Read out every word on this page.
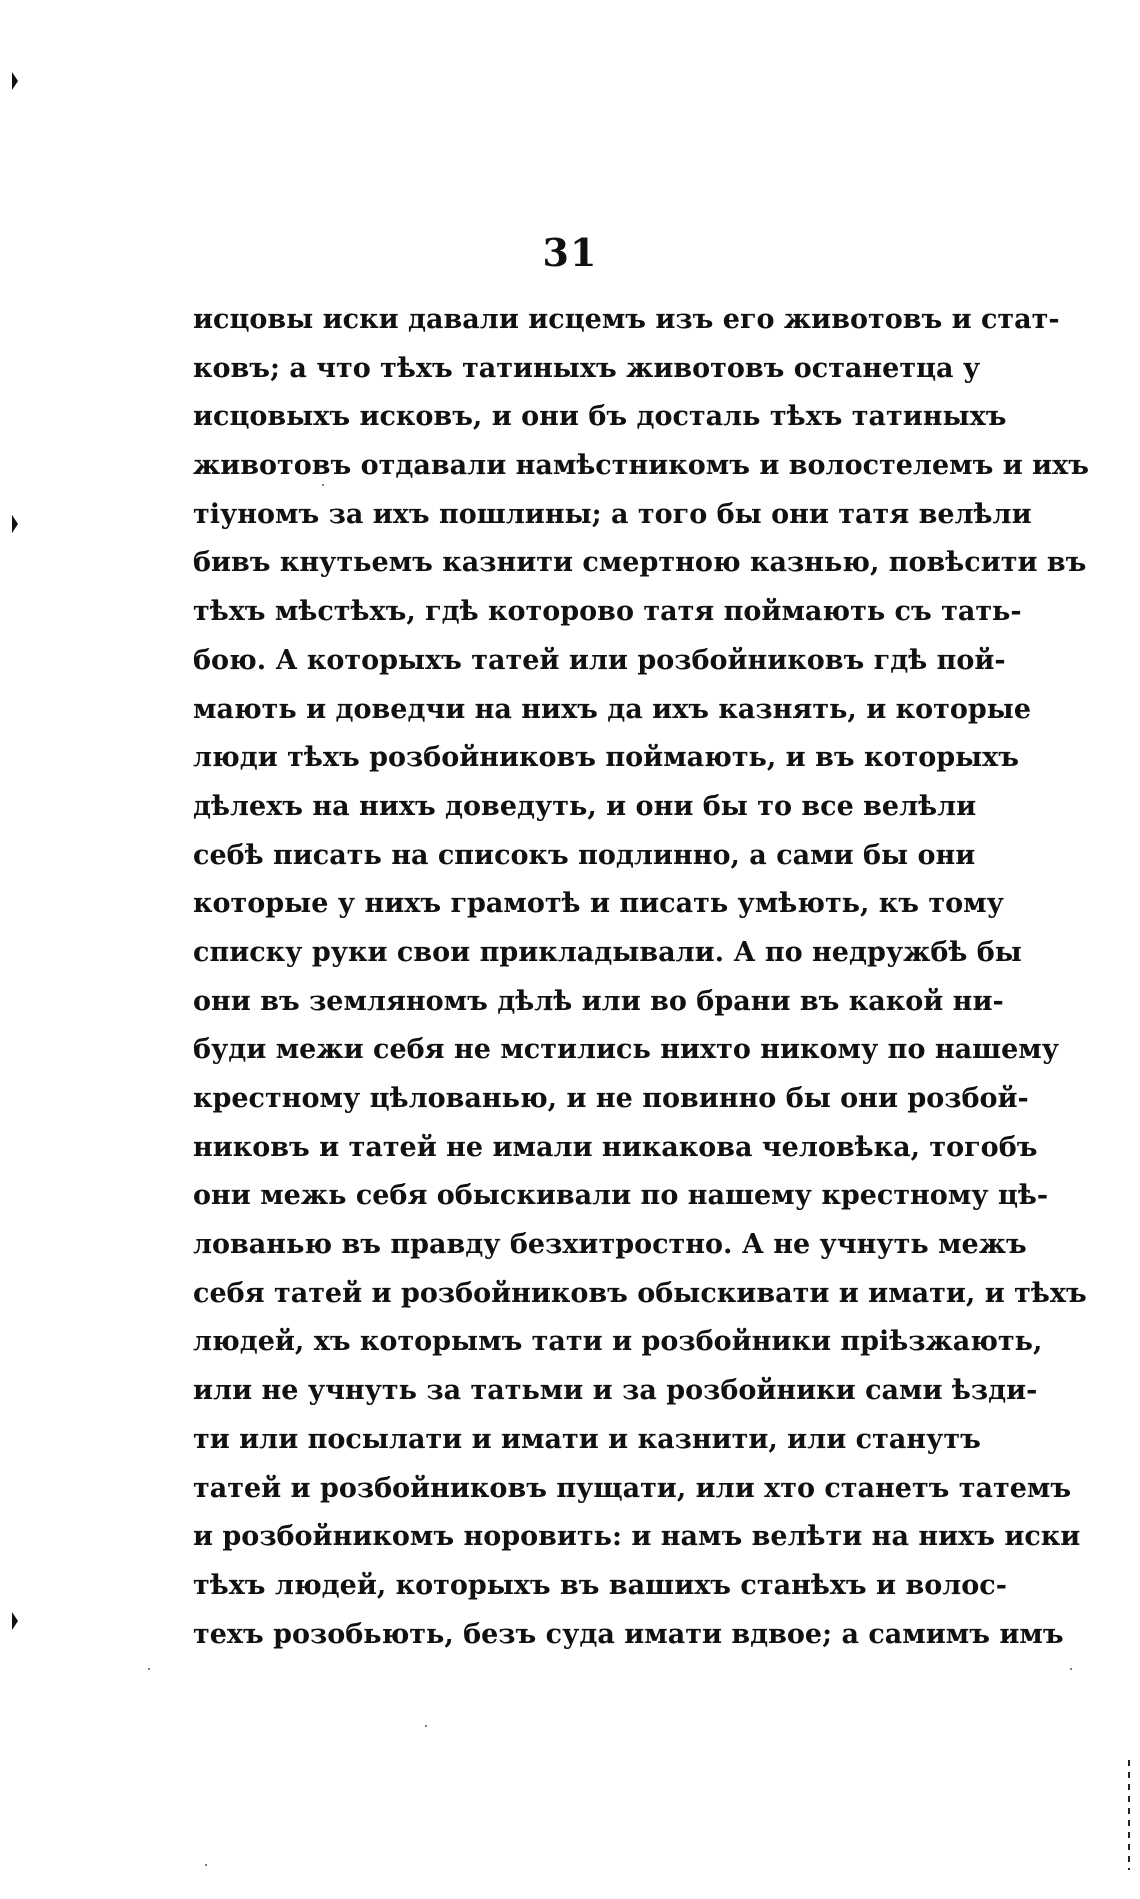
31
исцовы иски давали исцемъ изъ его животовъ и стат-
ковъ; а что тѣхъ татиныхъ животовъ останетца у
исцовыхъ исковъ, и они бъ досталь тѣхъ татиныхъ
животовъ отдавали намѣстникомъ и волостелемъ и ихъ
тіуномъ за ихъ пошлины; а того бы они татя велѣли
бивъ кнутьемъ казнити смертною казнью, повѣсити въ
тѣхъ мѣстѣхъ, гдѣ которово татя поймають съ тать-
бою. А которыхъ татей или розбойниковъ гдѣ пой-
мають и доведчи на нихъ да ихъ казнять, и которые
люди тѣхъ розбойниковъ поймають, и въ которыхъ
дѣлехъ на нихъ доведуть, и они бы то все велѣли
себѣ писать на списокъ подлинно, а сами бы они
которые у нихъ грамотѣ и писать умѣють, къ тому
списку руки свои прикладывали. А по недружбѣ бы
они въ земляномъ дѣлѣ или во брани въ какой ни-
буди межи себя не мстились нихто никому по нашему
крестному цѣлованью, и не повинно бы они розбой-
никовъ и татей не имали никакова человѣка, тогобъ
они межь себя обыскивали по нашему крестному цѣ-
лованью въ правду безхитростно. А не учнуть межъ
себя татей и розбойниковъ обыскивати и имати, и тѣхъ
людей, хъ которымъ тати и розбойники пріѣзжають,
или не учнуть за татьми и за розбойники сами ѣзди-
ти или посылати и имати и казнити, или станутъ
татей и розбойниковъ пущати, или хто станетъ татемъ
и розбойникомъ норовить: и намъ велѣти на нихъ иски
тѣхъ людей, которыхъ въ вашихъ станѣхъ и волос-
техъ розобьють, безъ суда имати вдвое; а самимъ имъ
